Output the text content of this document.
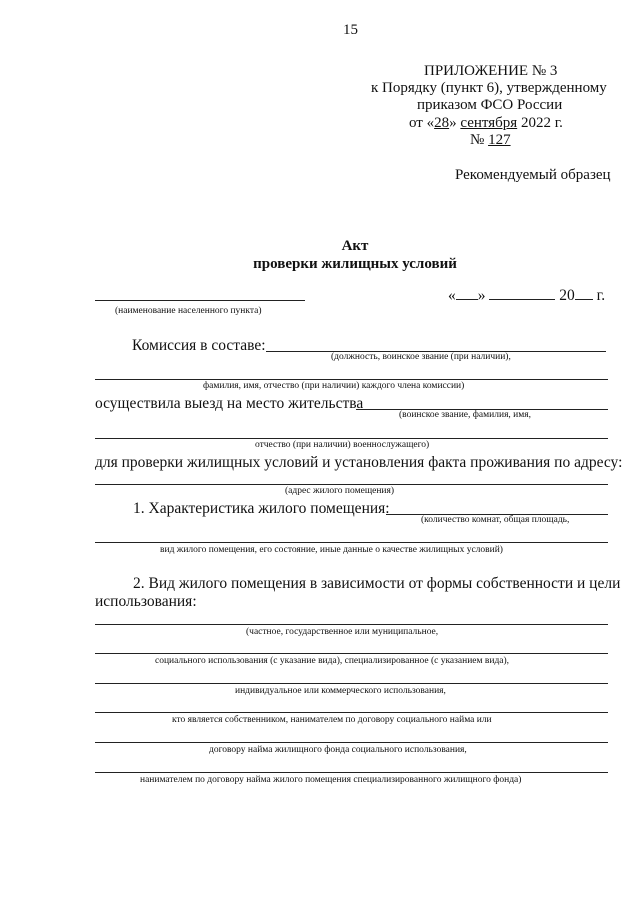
15
ПРИЛОЖЕНИЕ № 3
к Порядку (пункт 6), утвержденному
приказом ФСО России
от «28» сентября 2022 г.
№ 127
Рекомендуемый образец
Акт
проверки жилищных условий
(наименование населенного пункта)
« »	20 г.
Комиссия в составе:
(должность, воинское звание (при наличии),
фамилия, имя, отчество (при наличии) каждого члена комиссии)
осуществила выезд на место жительства
(воинское звание, фамилия, имя,
отчество (при наличии) военнослужащего)
для проверки жилищных условий и установления факта проживания по адресу:
(адрес жилого помещения)
1. Характеристика жилого помещения:
(количество комнат, общая площадь,
вид жилого помещения, его состояние, иные данные о качестве жилищных условий)
2. Вид жилого помещения в зависимости от формы собственности и цели
использования:
(частное, государственное или муниципальное,
социального использования (с указание вида), специализированное (с указанием вида),
индивидуальное или коммерческого использования,
кто является собственником, нанимателем по договору социального найма или
договору найма жилищного фонда социального использования,
нанимателем по договору найма жилого помещения специализированного жилищного фонда)
